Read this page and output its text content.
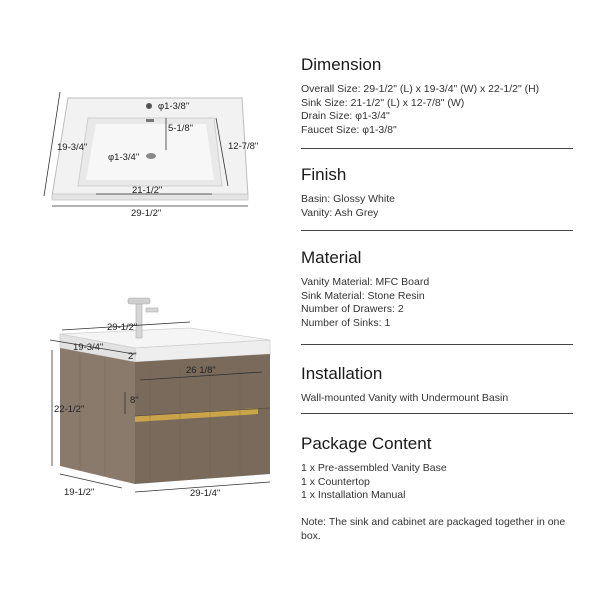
φ1-3/8"
5-1/8"
φ1-3/4"
19-3/4"	12-7/8"
21-1/2"
29-1/2"
29-1/2"
19-3/4"
2"
26 1/8"
8"
22-1/2"
19-1/2"	29-1/4"
Dimension
Overall Size: 29-1/2" (L) x 19-3/4" (W) x 22-1/2" (H)
Sink Size: 21-1/2" (L) x 12-7/8" (W)
Drain Size: φ1-3/4"
Faucet Size: φ1-3/8"
Finish
Basin: Glossy White
Vanity: Ash Grey
Material
Vanity Material: MFC Board
Sink Material: Stone Resin
Number of Drawers: 2
Number of Sinks: 1
Installation
Wall-mounted Vanity with Undermount Basin
Package Content
1 x Pre-assembled Vanity Base
1 x Countertop
1 x Installation Manual
Note: The sink and cabinet are packaged together in one box.
